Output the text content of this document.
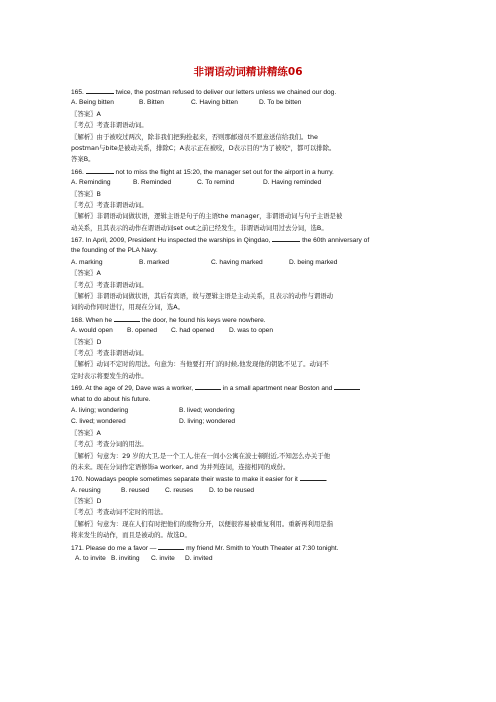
非谓语动词精讲精练06
165.	twice, the postman refused to deliver our letters unless we chained our dog.
A. Being bitten	B. Bitten	C. Having bitten	D. To be bitten
〖答案〗A
〖考点〗考查非谓语动词。
〖解析〗由于被咬过两次，除非我们把狗拴起来，否则那邮递员不愿意送信给我们。the
postman与bite是被动关系，排除C；A表示正在被咬，D表示目的"为了被咬"，都可以排除。
答案B。
166.	not to miss the flight at 15:20, the manager set out for the airport in a hurry.
A. Reminding	B. Reminded	C. To remind	D. Having reminded
〖答案〗B
〖考点〗考查非谓语动词。
〖解析〗非谓语动词做状语，逻辑主语是句子的主语the manager，非谓语动词与句子主语是被
动关系，且其表示的动作在谓语动词set out之前已经发生，非谓语动词用过去分词，选B。
167. In April, 2009, President Hu inspected the warships in Qingdao,	the 60th anniversary of
the founding of the PLA Navy.
A. marking	B. marked	C. having marked	D. being marked
〖答案〗A
〖考点〗考查非谓语动词。
〖解析〗非谓语动词做状语，其后有宾语，故与逻辑主语是主动关系，且表示的动作与谓语动
词的动作同时进行，用现在分词，选A。
168. When he	the door, he found his keys were nowhere.
A. would open	B. opened	C. had opened	D. was to open
〖答案〗D
〖考点〗考查非谓语动词。
〖解析〗动词不定时的用法。句意为：当他要打开门的时候,他发现他的钥匙不见了。动词不
定时表示将要发生的动作。
169. At the age of 29, Dave was a worker,	in a small apartment near Boston and
what to do about his future.
A. living; wondering	B. lived; wondering
C. lived; wondered	D. living; wondered
〖答案〗A
〖考点〗考查分词的用法。
〖解析〗句意为：29 岁的大卫,是一个工人,住在一间小公寓在波士顿附近,不知怎么办关于他
的未来。现在分词作定语修饰a worker, and 为并列连词，连接相同的成份。
170. Nowadays people sometimes separate their waste to make it easier for it	.
A. reusing	B. reused	C. reuses	D. to be reused
〖答案〗D
〖考点〗考查动词不定时的用法。
〖解析〗句意为：现在人们有时把他们的废物分开，以便很容易被重复利用。重新再利用是指
将来发生的动作，而且是被动的。故选D。
171. Please do me a favor —	my friend Mr. Smith to Youth Theater at 7:30 tonight.
A. to invite B. inviting	C. invite	D. invited
